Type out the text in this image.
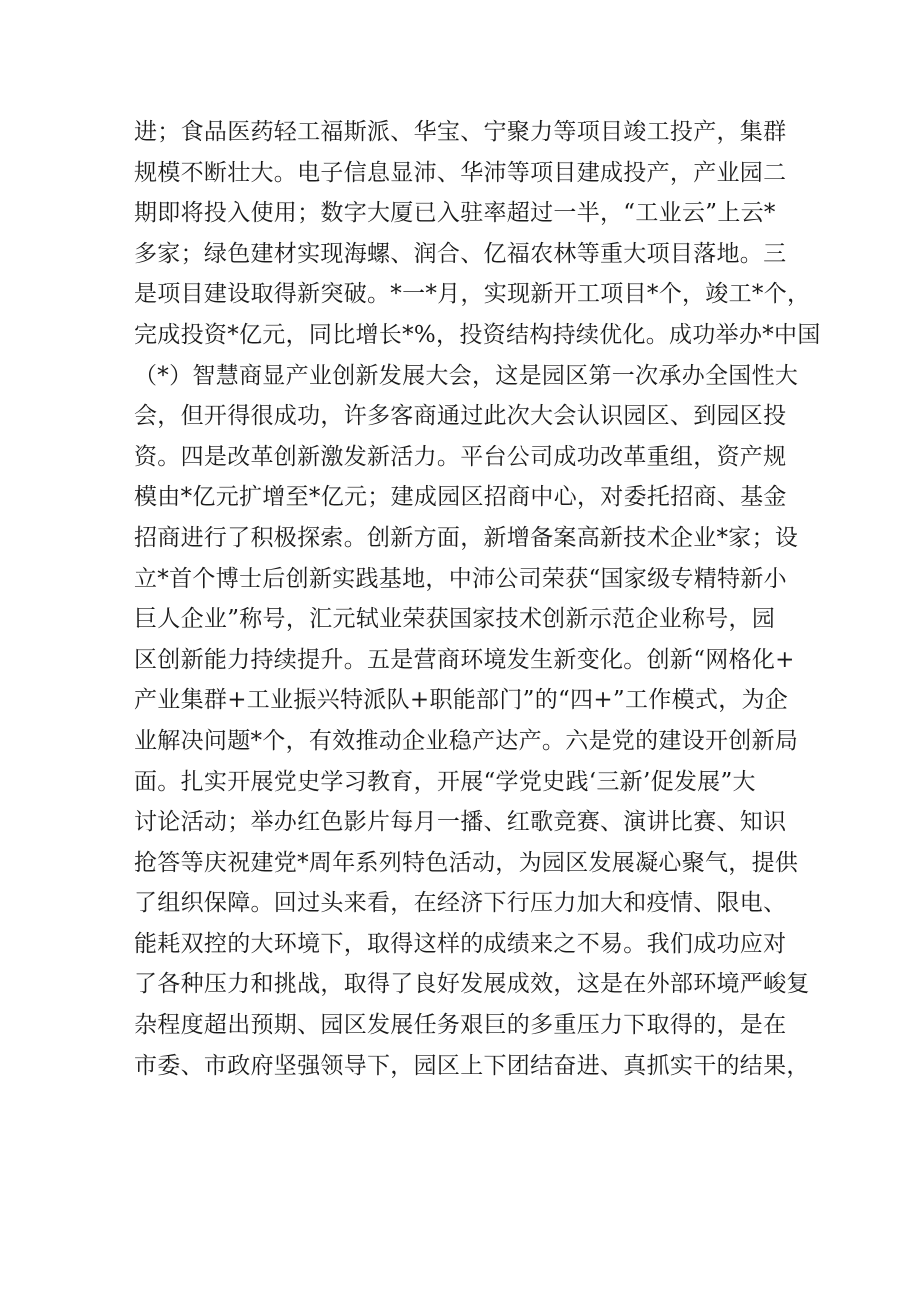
进；食品医药轻工福斯派、华宝、宁聚力等项目竣工投产，集群
规模不断壮大。电子信息显沛、华沛等项目建成投产，产业园二
期即将投入使用；数字大厦已入驻率超过一半，“工业云”上云*
多家；绿色建材实现海螺、润合、亿福农林等重大项目落地。三
是项目建设取得新突破。*一*月，实现新开工项目*个，竣工*个，
完成投资*亿元，同比增长*%，投资结构持续优化。成功举办*中国
（*）智慧商显产业创新发展大会，这是园区第一次承办全国性大
会，但开得很成功，许多客商通过此次大会认识园区、到园区投
资。四是改革创新激发新活力。平台公司成功改革重组，资产规
模由*亿元扩增至*亿元；建成园区招商中心，对委托招商、基金
招商进行了积极探索。创新方面，新增备案高新技术企业*家；设
立*首个博士后创新实践基地，中沛公司荣获“国家级专精特新小
巨人企业”称号，汇元轼业荣获国家技术创新示范企业称号，园
区创新能力持续提升。五是营商环境发生新变化。创新“网格化+
产业集群+工业振兴特派队+职能部门”的“四+”工作模式，为企
业解决问题*个，有效推动企业稳产达产。六是党的建设开创新局
面。扎实开展党史学习教育，开展“学党史践‘三新’促发展”大
讨论活动；举办红色影片每月一播、红歌竞赛、演讲比赛、知识
抢答等庆祝建党*周年系列特色活动，为园区发展凝心聚气，提供
了组织保障。回过头来看，在经济下行压力加大和疫情、限电、
能耗双控的大环境下，取得这样的成绩来之不易。我们成功应对
了各种压力和挑战，取得了良好发展成效，这是在外部环境严峻复
杂程度超出预期、园区发展任务艰巨的多重压力下取得的，是在
市委、市政府坚强领导下，园区上下团结奋进、真抓实干的结果，
